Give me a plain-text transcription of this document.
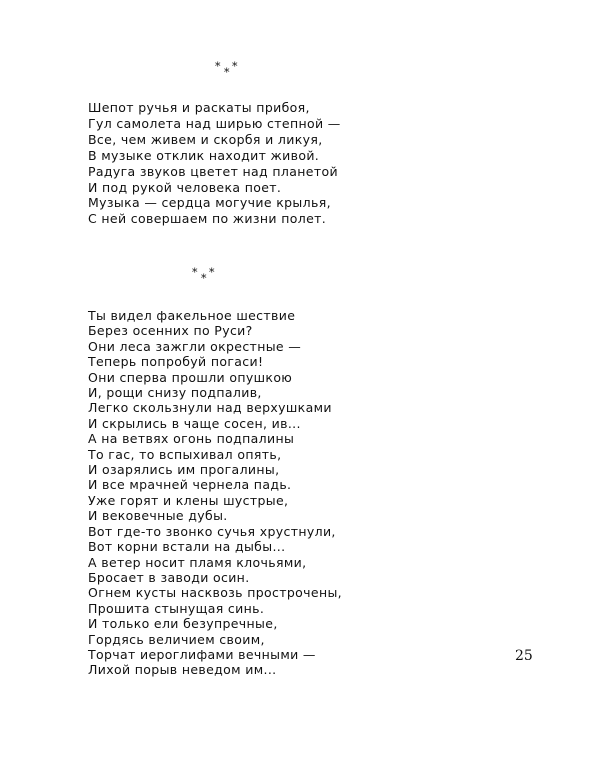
* * *
Шепот ручья и раскаты прибоя,
Гул самолета над ширью степной —
Все, чем живем и скорбя и ликуя,
В музыке отклик находит живой.
Радуга звуков цветет над планетой
И под рукой человека поет.
Музыка — сердца могучие крылья,
С ней совершаем по жизни полет.
* * *
Ты видел факельное шествие
Берез осенних по Руси?
Они леса зажгли окрестные —
Теперь попробуй погаси!
Они сперва прошли опушкою
И, рощи снизу подпалив,
Легко скользнули над верхушками
И скрылись в чаще сосен, ив...
А на ветвях огонь подпалины
То гас, то вспыхивал опять,
И озарялись им прогалины,
И все мрачней чернела падь.
Уже горят и клены шустрые,
И вековечные дубы.
Вот где-то звонко сучья хрустнули,
Вот корни встали на дыбы...
А ветер носит пламя клочьями,
Бросает в заводи осин.
Огнем кусты насквозь прострочены,
Прошита стынущая синь.
И только ели безупречные,
Гордясь величием своим,
Торчат иероглифами вечными —
Лихой порыв неведом им...
25
